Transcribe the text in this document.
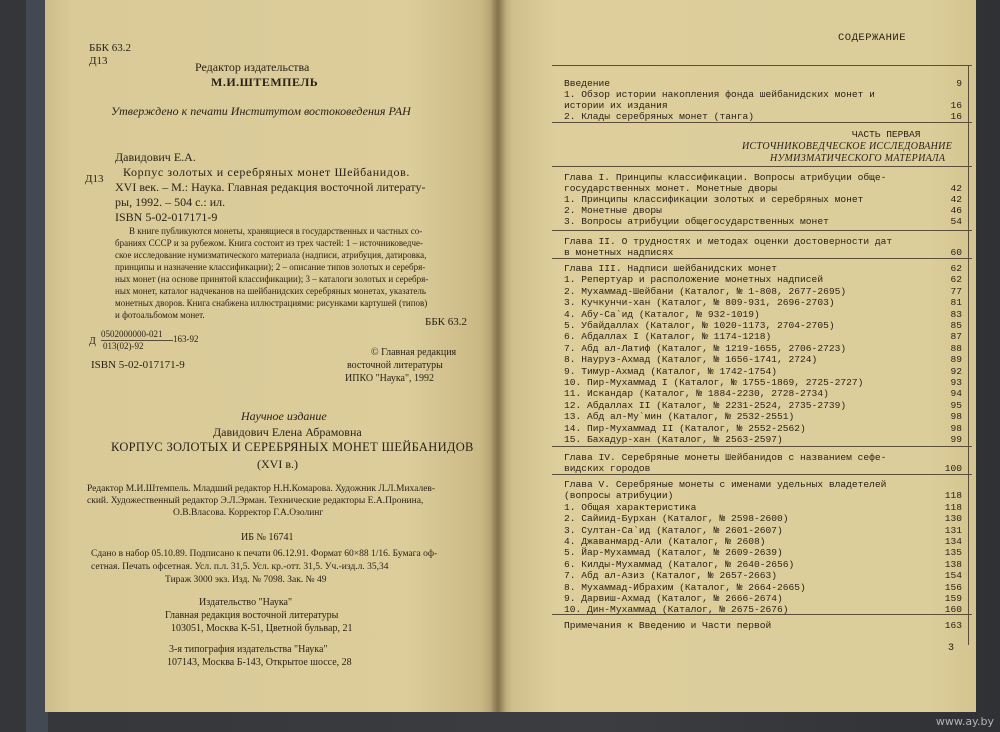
ББК 63.2
Д13	Редактор издательства
М.И.ШТЕМПЕЛЬ
Утверждено к печати Институтом востоковедения РАН
Д13
Давидович Е.А.
Корпус золотых и серебряных монет Шейбанидов.
XVI век. – М.: Наука. Главная редакция восточной литерату-
ры, 1992. – 504 с.: ил.
ISBN 5-02-017171-9
В книге публикуются монеты, хранящиеся в государственных и частных со-
браниях СССР и за рубежом. Книга состоит из трех частей: 1 – источниковедче-
ское исследование нумизматического материала (надписи, атрибуция, датировка,
принципы и назначение классификации); 2 – описание типов золотых и серебря-
ных монет (на основе принятой классификации); 3 – каталоги золотых и серебря-
ных монет, каталог надчеканов на шейбанидских серебряных монетах, указатель
монетных дворов. Книга снабжена иллюстрациями: рисунками картушей (типов)
и фотоальбомом монет.
ББК 63.2
Д
0502000000-021
013(02)-92
163-92
ISBN 5-02-017171-9
© Главная редакция
восточной литературы
ИПКО "Наука", 1992
Научное издание
Давидович Елена Абрамовна
КОРПУС ЗОЛОТЫХ И СЕРЕБРЯНЫХ МОНЕТ ШЕЙБАНИДОВ
(XVI в.)
Редактор М.И.Штемпель. Младший редактор Н.Н.Комарова. Художник Л.Л.Михалев-
ский. Художественный редактор Э.Л.Эрман. Технические редакторы Е.А.Пронина,
О.В.Власова. Корректор Г.А.Озолинг
ИБ № 16741
Сдано в набор 05.10.89. Подписано к печати 06.12.91. Формат 60×88 1/16. Бумага оф-
сетная. Печать офсетная. Усл. п.л. 31,5. Усл. кр.-отт. 31,5. Уч.-изд.л. 35,34
Тираж 3000 экз. Изд. № 7098. Зак. № 49
Издательство "Наука"
Главная редакция восточной литературы
103051, Москва К-51, Цветной бульвар, 21
3-я типография издательства "Наука"
107143, Москва Б-143, Открытое шоссе, 28
СОДЕРЖАНИЕ
Введение	9
1. Обзор истории накопления фонда шейбанидских монет и
истории их издания	16
2. Клады серебряных монет (танга)	16
ЧАСТЬ ПЕРВАЯ
ИСТОЧНИКОВЕДЧЕСКОЕ ИССЛЕДОВАНИЕ
НУМИЗМАТИЧЕСКОГО МАТЕРИАЛА
Глава I. Принципы классификации. Вопросы атрибуции обще-
государственных монет. Монетные дворы	42
1. Принципы классификации золотых и серебряных монет	42
2. Монетные дворы	46
3. Вопросы атрибуции общегосударственных монет	54
Глава II. О трудностях и методах оценки достоверности дат
в монетных надписях	60
Глава III. Надписи шейбанидских монет	62
1. Репертуар и расположение монетных надписей	62
2. Мухаммад-Шейбани (Каталог, № 1-808, 2677-2695)	77
3. Кучкунчи-хан (Каталог, № 809-931, 2696-2703)	81
4. Абу-Са`ид (Каталог, № 932-1019)	83
5. Убайдаллах (Каталог, № 1020-1173, 2704-2705)	85
6. Абдаллах I (Каталог, № 1174-1218)	87
7. Абд ал-Латиф (Каталог, № 1219-1655, 2706-2723)	88
8. Науруз-Ахмад (Каталог, № 1656-1741, 2724)	89
9. Тимур-Ахмад (Каталог, № 1742-1754)	92
10. Пир-Мухаммад I (Каталог, № 1755-1869, 2725-2727)	93
11. Искандар (Каталог, № 1884-2230, 2728-2734)	94
12. Абдаллах II (Каталог, № 2231-2524, 2735-2739)	95
13. Абд ал-Му`мин (Каталог, № 2532-2551)	98
14. Пир-Мухаммад II (Каталог, № 2552-2562)	98
15. Бахадур-хан (Каталог, № 2563-2597)	99
Глава IV. Серебряные монеты Шейбанидов с названием сефе-
видских городов	100
Глава V. Серебряные монеты с именами удельных владетелей
(вопросы атрибуции)	118
1. Общая характеристика	118
2. Сайиид-Бурхан (Каталог, № 2598-2600)	130
3. Султан-Са`ид (Каталог, № 2601-2607)	131
4. Джаванмард-Али (Каталог, № 2608)	134
5. Йар-Мухаммад (Каталог, № 2609-2639)	135
6. Килды-Мухаммад (Каталог, № 2640-2656)	138
7. Абд ал-Азиз (Каталог, № 2657-2663)	154
8. Мухаммад-Ибрахим (Каталог, № 2664-2665)	156
9. Дарвиш-Ахмад (Каталог, № 2666-2674)	159
10. Дин-Мухаммад (Каталог, № 2675-2676)	160
Примечания к Введению и Части первой	163
3
www.ay.by
